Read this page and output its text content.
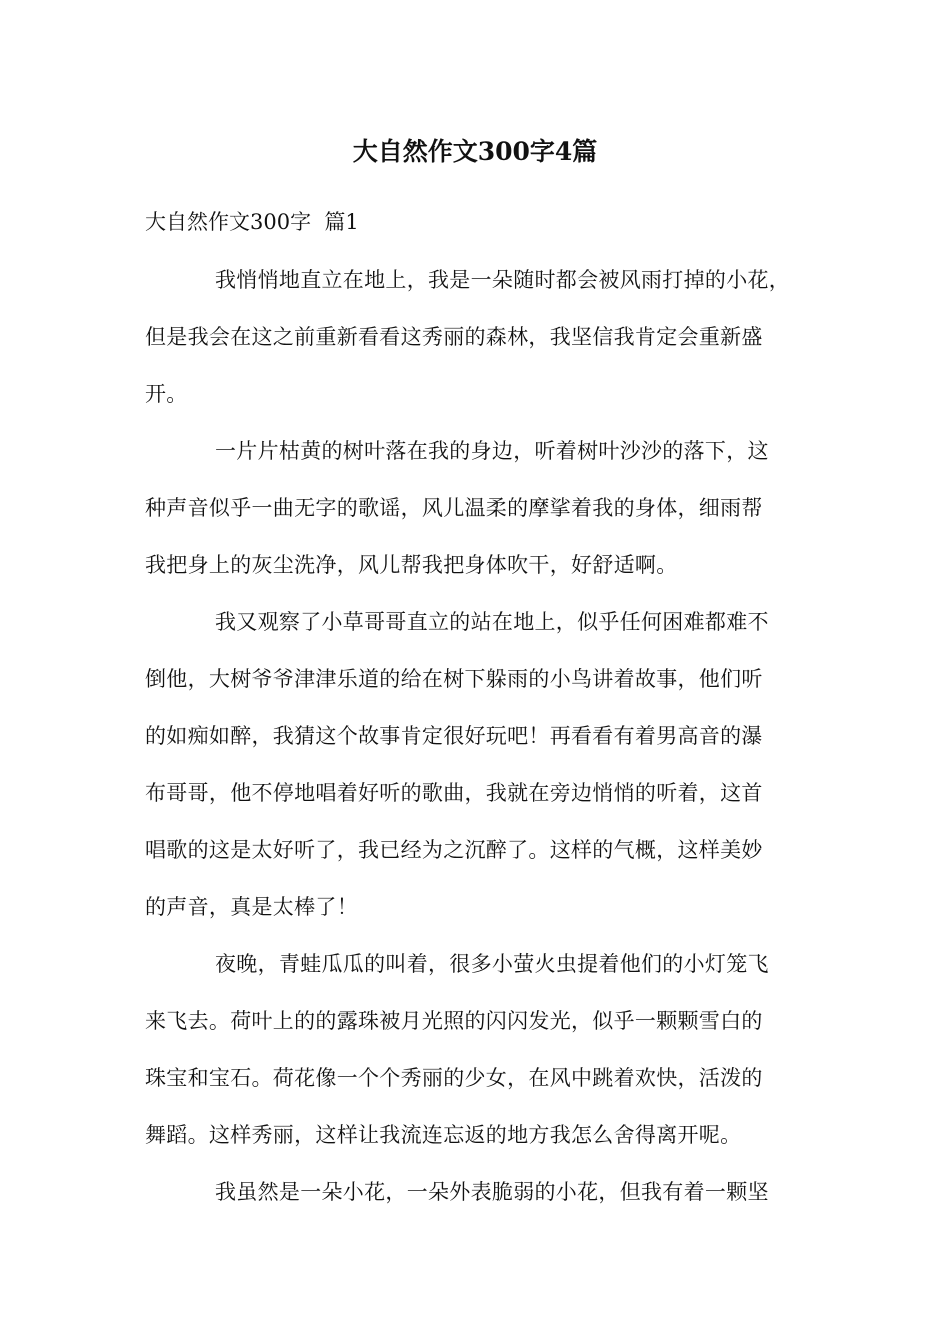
大自然作文300字4篇
大自然作文300字  篇1

我悄悄地直立在地上，我是一朵随时都会被风雨打掉的小花，
但是我会在这之前重新看看这秀丽的森林，我坚信我肯定会重新盛
开。

一片片枯黄的树叶落在我的身边，听着树叶沙沙的落下，这
种声音似乎一曲无字的歌谣，风儿温柔的摩挲着我的身体，细雨帮
我把身上的灰尘洗净，风儿帮我把身体吹干，好舒适啊。

我又观察了小草哥哥直立的站在地上，似乎任何困难都难不
倒他，大树爷爷津津乐道的给在树下躲雨的小鸟讲着故事，他们听
的如痴如醉，我猜这个故事肯定很好玩吧！再看看有着男高音的瀑
布哥哥，他不停地唱着好听的歌曲，我就在旁边悄悄的听着，这首
唱歌的这是太好听了，我已经为之沉醉了。这样的气概，这样美妙
的声音，真是太棒了！

夜晚，青蛙瓜瓜的叫着，很多小萤火虫提着他们的小灯笼飞
来飞去。荷叶上的的露珠被月光照的闪闪发光，似乎一颗颗雪白的
珠宝和宝石。荷花像一个个秀丽的少女，在风中跳着欢快，活泼的
舞蹈。这样秀丽，这样让我流连忘返的地方我怎么舍得离开呢。

我虽然是一朵小花，一朵外表脆弱的小花，但我有着一颗坚
